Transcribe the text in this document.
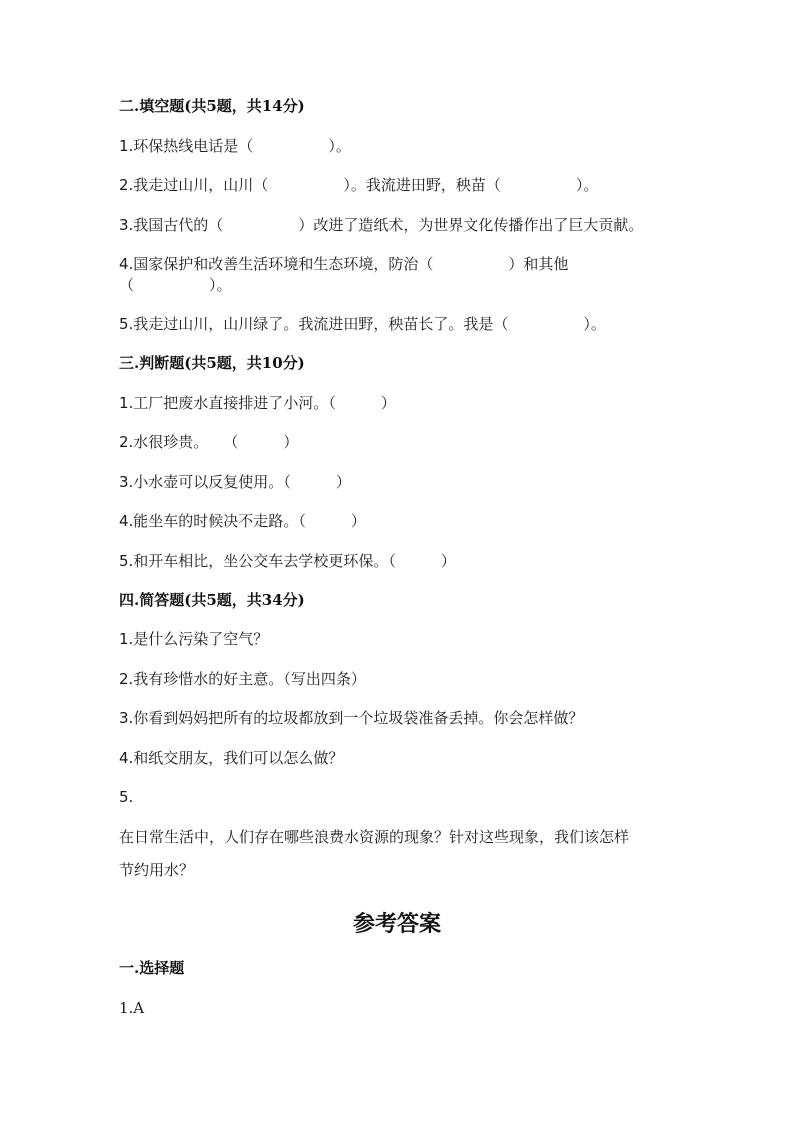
二.填空题(共5题，共14分)
1.环保热线电话是（　　　　　）。
2.我走过山川，山川（　　　　　）。我流进田野，秧苗（　　　　　）。
3.我国古代的（　　　　　）改进了造纸术，为世界文化传播作出了巨大贡献。
4.国家保护和改善生活环境和生态环境，防治（　　　　　）和其他
（　　　　　）。
5.我走过山川，山川绿了。我流进田野，秧苗长了。我是（　　　　　）。
三.判断题(共5题，共10分)
1.工厂把废水直接排进了小河。（　　　）
2.水很珍贵。　　（　　　）
3.小水壶可以反复使用。（　　　）
4.能坐车的时候决不走路。（　　　）
5.和开车相比，坐公交车去学校更环保。（　　　）
四.简答题(共5题，共34分)
1.是什么污染了空气？
2.我有珍惜水的好主意。（写出四条）
3.你看到妈妈把所有的垃圾都放到一个垃圾袋准备丢掉。你会怎样做？
4.和纸交朋友，我们可以怎么做？
5.
在日常生活中，人们存在哪些浪费水资源的现象？针对这些现象，我们该怎样
节约用水？
参考答案
一.选择题
1.A
